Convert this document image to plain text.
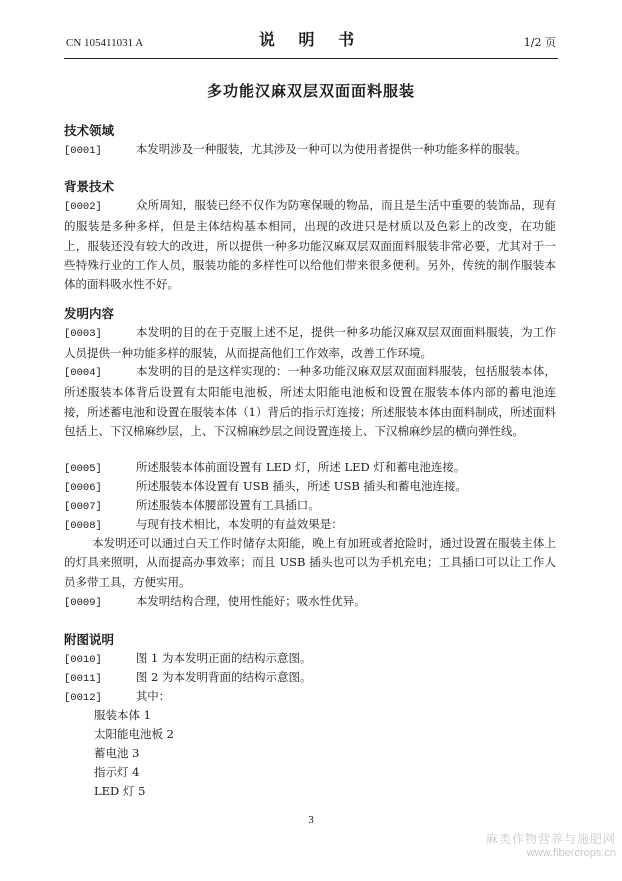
CN 105411031 A	说 明 书	1/2 页
多功能汉麻双层双面面料服装
技术领域
[0001]	本发明涉及一种服装，尤其涉及一种可以为使用者提供一种功能多样的服装。
背景技术
[0002]	众所周知，服装已经不仅作为防寒保暖的物品，而且是生活中重要的装饰品，现有的服装是多种多样，但是主体结构基本相同，出现的改进只是材质以及色彩上的改变，在功能上，服装还没有较大的改进，所以提供一种多功能汉麻双层双面面料服装非常必要，尤其对于一些特殊行业的工作人员，服装功能的多样性可以给他们带来很多便利。另外，传统的制作服装本体的面料吸水性不好。
发明内容
[0003]	本发明的目的在于克服上述不足，提供一种多功能汉麻双层双面面料服装，为工作人员提供一种功能多样的服装，从而提高他们工作效率，改善工作环境。
[0004]	本发明的目的是这样实现的：一种多功能汉麻双层双面面料服装，包括服装本体，所述服装本体背后设置有太阳能电池板，所述太阳能电池板和设置在服装本体内部的蓄电池连接，所述蓄电池和设置在服装本体（1）背后的指示灯连接；所述服装本体由面料制成，所述面料包括上、下汉棉麻纱层，上、下汉棉麻纱层之间设置连接上、下汉棉麻纱层的横向弹性线。
[0005]	所述服装本体前面设置有 LED 灯，所述 LED 灯和蓄电池连接。
[0006]	所述服装本体设置有 USB 插头，所述 USB 插头和蓄电池连接。
[0007]	所述服装本体腰部设置有工具插口。
[0008]	与现有技术相比，本发明的有益效果是：
本发明还可以通过白天工作时储存太阳能，晚上有加班或者抢险时，通过设置在服装主体上的灯具来照明，从而提高办事效率；而且 USB 插头也可以为手机充电；工具插口可以让工作人员多带工具，方便实用。
[0009]	本发明结构合理，使用性能好；吸水性优异。
附图说明
[0010]	图 1 为本发明正面的结构示意图。
[0011]	图 2 为本发明背面的结构示意图。
[0012]	其中：
服装本体 1
太阳能电池板 2
蓄电池 3
指示灯 4
LED 灯 5
3
麻类作物营养与施肥网
www.fibercrops.cn
